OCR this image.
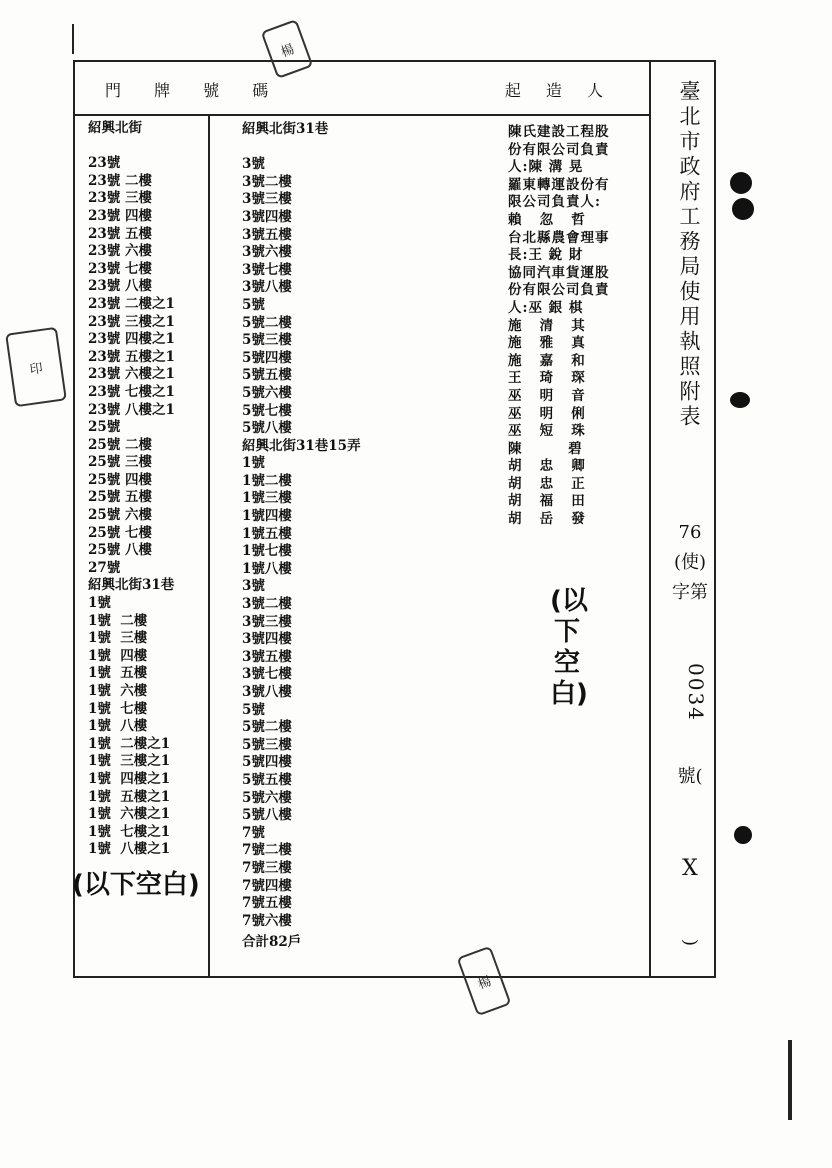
門 牌 號 碼	起 造 人
紹興北街
23號
23號 二樓
23號 三樓
23號 四樓
23號 五樓
23號 六樓
23號 七樓
23號 八樓
23號 二樓之1
23號 三樓之1
23號 四樓之1
23號 五樓之1
23號 六樓之1
23號 七樓之1
23號 八樓之1
25號
25號 二樓
25號 三樓
25號 四樓
25號 五樓
25號 六樓
25號 七樓
25號 八樓
27號
紹興北街31巷
1號
1號  二樓
1號  三樓
1號  四樓
1號  五樓
1號  六樓
1號  七樓
1號  八樓
1號  二樓之1
1號  三樓之1
1號  四樓之1
1號  五樓之1
1號  六樓之1
1號  七樓之1
1號  八樓之1
紹興北街31巷
3號
3號二樓
3號三樓
3號四樓
3號五樓
3號六樓
3號七樓
3號八樓
5號
5號二樓
5號三樓
5號四樓
5號五樓
5號六樓
5號七樓
5號八樓
紹興北街31巷15弄
1號
1號二樓
1號三樓
1號四樓
1號五樓
1號七樓
1號八樓
3號
3號二樓
3號三樓
3號四樓
3號五樓
3號七樓
3號八樓
5號
5號二樓
5號三樓
5號四樓
5號五樓
5號六樓
5號八樓
7號
7號二樓
7號三樓
7號四樓
7號五樓
7號六樓
合計82戶
陳氏建設工程股
份有限公司負責
人:陳 溝 晃
羅東轉運設份有
限公司負責人:
賴   忽   哲
台北縣農會理事
長:王 銳 財
協同汽車貨運股
份有限公司負責
人:巫 銀 棋
施   清   其
施   雅   真
施   嘉   和
王   琦   琛
巫   明   音
巫   明   俐
巫   短   珠
陳        碧
胡   忠   卿
胡   忠   正
胡   福   田
胡   岳   發
(以下空白)
(以下空白)
臺北市政府工務局使用執照附表
76
(使)
字第
0034
號(
X
)
楊
楊
印
